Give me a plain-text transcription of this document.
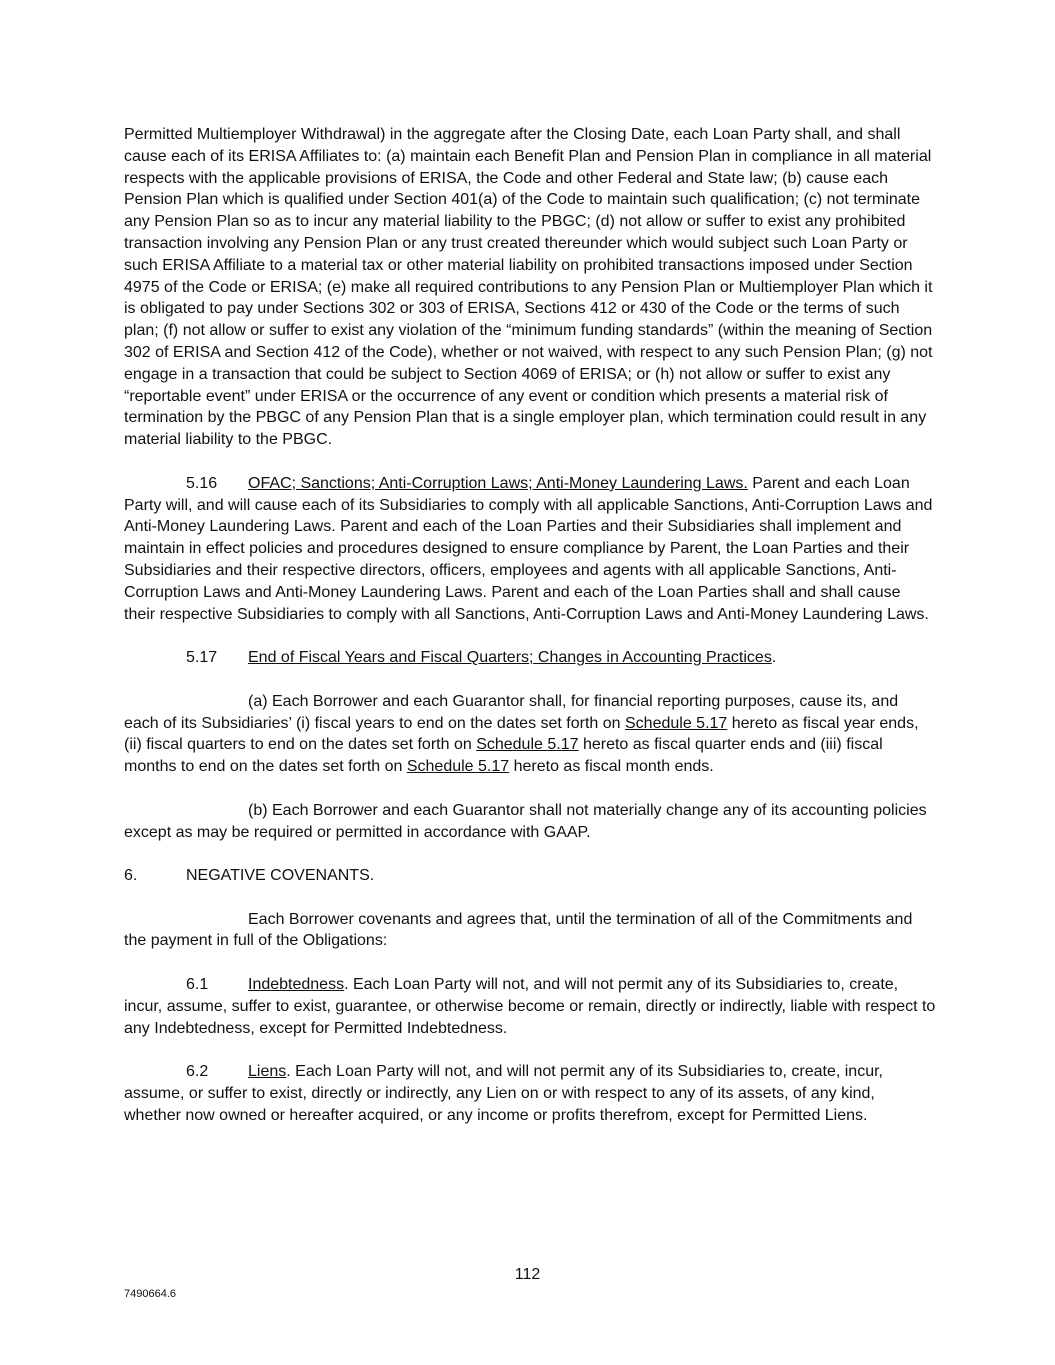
Permitted Multiemployer Withdrawal) in the aggregate after the Closing Date, each Loan Party shall, and shall cause each of its ERISA Affiliates to: (a) maintain each Benefit Plan and Pension Plan in compliance in all material respects with the applicable provisions of ERISA, the Code and other Federal and State law; (b) cause each Pension Plan which is qualified under Section 401(a) of the Code to maintain such qualification; (c) not terminate any Pension Plan so as to incur any material liability to the PBGC; (d) not allow or suffer to exist any prohibited transaction involving any Pension Plan or any trust created thereunder which would subject such Loan Party or such ERISA Affiliate to a material tax or other material liability on prohibited transactions imposed under Section 4975 of the Code or ERISA; (e) make all required contributions to any Pension Plan or Multiemployer Plan which it is obligated to pay under Sections 302 or 303 of ERISA, Sections 412 or 430 of the Code or the terms of such plan; (f) not allow or suffer to exist any violation of the “minimum funding standards” (within the meaning of Section 302 of ERISA and Section 412 of the Code), whether or not waived, with respect to any such Pension Plan; (g) not engage in a transaction that could be subject to Section 4069 of ERISA; or (h) not allow or suffer to exist any “reportable event” under ERISA or the occurrence of any event or condition which presents a material risk of termination by the PBGC of any Pension Plan that is a single employer plan, which termination could result in any material liability to the PBGC.

5.16 OFAC; Sanctions; Anti-Corruption Laws; Anti-Money Laundering Laws. Parent and each Loan Party will, and will cause each of its Subsidiaries to comply with all applicable Sanctions, Anti-Corruption Laws and Anti-Money Laundering Laws. Parent and each of the Loan Parties and their Subsidiaries shall implement and maintain in effect policies and procedures designed to ensure compliance by Parent, the Loan Parties and their Subsidiaries and their respective directors, officers, employees and agents with all applicable Sanctions, Anti-Corruption Laws and Anti-Money Laundering Laws. Parent and each of the Loan Parties shall and shall cause their respective Subsidiaries to comply with all Sanctions, Anti-Corruption Laws and Anti-Money Laundering Laws.

5.17 End of Fiscal Years and Fiscal Quarters; Changes in Accounting Practices.

(a) Each Borrower and each Guarantor shall, for financial reporting purposes, cause its, and each of its Subsidiaries’ (i) fiscal years to end on the dates set forth on Schedule 5.17 hereto as fiscal year ends, (ii) fiscal quarters to end on the dates set forth on Schedule 5.17 hereto as fiscal quarter ends and (iii) fiscal months to end on the dates set forth on Schedule 5.17 hereto as fiscal month ends.

(b) Each Borrower and each Guarantor shall not materially change any of its accounting policies except as may be required or permitted in accordance with GAAP.

6.	NEGATIVE COVENANTS.

Each Borrower covenants and agrees that, until the termination of all of the Commitments and the payment in full of the Obligations:

6.1 Indebtedness. Each Loan Party will not, and will not permit any of its Subsidiaries to, create, incur, assume, suffer to exist, guarantee, or otherwise become or remain, directly or indirectly, liable with respect to any Indebtedness, except for Permitted Indebtedness.

6.2 Liens. Each Loan Party will not, and will not permit any of its Subsidiaries to, create, incur, assume, or suffer to exist, directly or indirectly, any Lien on or with respect to any of its assets, of any kind, whether now owned or hereafter acquired, or any income or profits therefrom, except for Permitted Liens.

112
7490664.6
